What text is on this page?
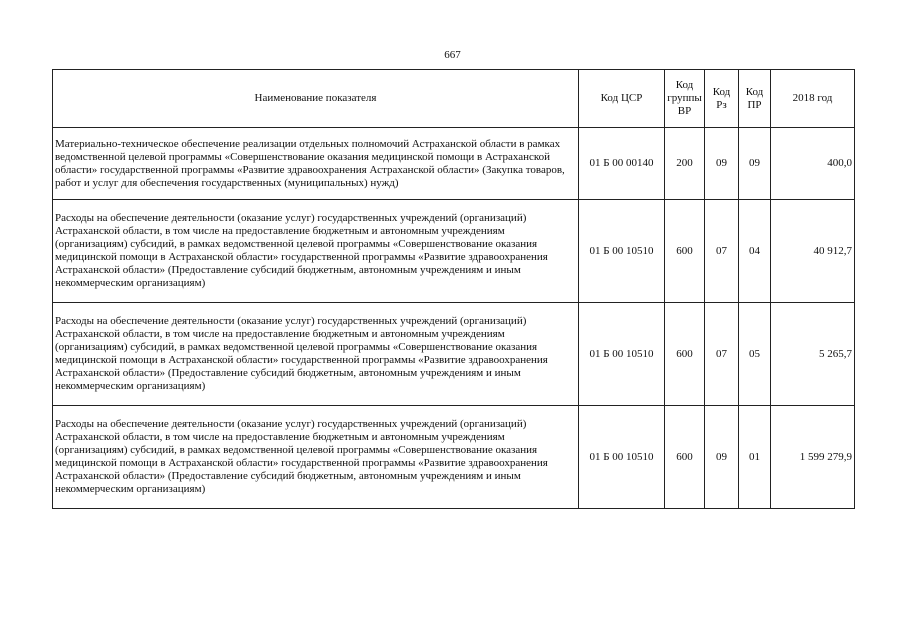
667
Наименование показателя	Код ЦСР	Код группы ВР	Код Рз	Код ПР	2018 год
Материально-техническое обеспечение реализации отдельных полномочий Астраханской области в рамках ведомственной целевой программы «Совершенствование оказания медицинской помощи в Астраханской области» государственной программы «Развитие здравоохранения Астраханской области» (Закупка товаров, работ и услуг для обеспечения государственных (муниципальных) нужд)	01 Б 00 00140	200	09	09	400,0
Расходы на обеспечение деятельности (оказание услуг) государственных учреждений (организаций) Астраханской области, в том числе на предоставление бюджетным и автономным учреждениям (организациям) субсидий, в рамках ведомственной целевой программы «Совершенствование оказания медицинской помощи в Астраханской области» государственной программы «Развитие здравоохранения Астраханской области» (Предоставление субсидий бюджетным, автономным учреждениям и иным некоммерческим организациям)	01 Б 00 10510	600	07	04	40 912,7
Расходы на обеспечение деятельности (оказание услуг) государственных учреждений (организаций) Астраханской области, в том числе на предоставление бюджетным и автономным учреждениям (организациям) субсидий, в рамках ведомственной целевой программы «Совершенствование оказания медицинской помощи в Астраханской области» государственной программы «Развитие здравоохранения Астраханской области» (Предоставление субсидий бюджетным, автономным учреждениям и иным некоммерческим организациям)	01 Б 00 10510	600	07	05	5 265,7
Расходы на обеспечение деятельности (оказание услуг) государственных учреждений (организаций) Астраханской области, в том числе на предоставление бюджетным и автономным учреждениям (организациям) субсидий, в рамках ведомственной целевой программы «Совершенствование оказания медицинской помощи в Астраханской области» государственной программы «Развитие здравоохранения Астраханской области» (Предоставление субсидий бюджетным, автономным учреждениям и иным некоммерческим организациям)	01 Б 00 10510	600	09	01	1 599 279,9
